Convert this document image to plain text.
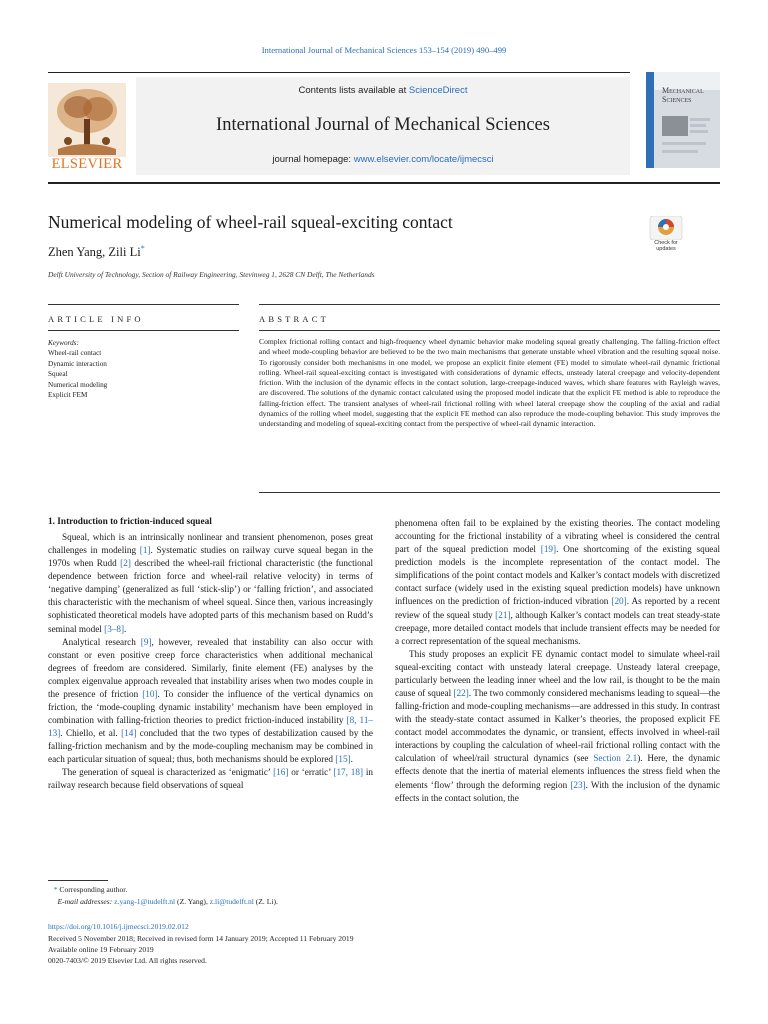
International Journal of Mechanical Sciences 153–154 (2019) 490–499
ELSEVIER
Contents lists available at ScienceDirect
International Journal of Mechanical Sciences
journal homepage: www.elsevier.com/locate/ijmecsci
Mechanical
Sciences
Numerical modeling of wheel-rail squeal-exciting contact
Zhen Yang, Zili Li*
Delft University of Technology, Section of Railway Engineering, Stevinweg 1, 2628 CN Delft, The Netherlands
Check for
updates
ARTICLE INFO	ABSTRACT
Keywords:
Wheel-rail contact
Dynamic interaction
Squeal
Numerical modeling
Explicit FEM
Complex frictional rolling contact and high-frequency wheel dynamic behavior make modeling squeal greatly challenging. The falling-friction effect and wheel mode-coupling behavior are believed to be the two main mechanisms that generate unstable wheel vibration and the resulting squeal noise. To rigorously consider both mechanisms in one model, we propose an explicit finite element (FE) model to simulate wheel-rail dynamic frictional rolling. Wheel-rail squeal-exciting contact is investigated with considerations of dynamic effects, unsteady lateral creepage and velocity-dependent friction. With the inclusion of the dynamic effects in the contact solution, large-creepage-induced waves, which share features with Rayleigh waves, are discovered. The solutions of the dynamic contact calculated using the proposed model indicate that the explicit FE method is able to reproduce the falling-friction effect. The transient analyses of wheel-rail frictional rolling with wheel lateral creepage show the coupling of the axial and radial dynamics of the rolling wheel model, suggesting that the explicit FE method can also reproduce the mode-coupling behavior. This study improves the understanding and modeling of squeal-exciting contact from the perspective of wheel-rail dynamic interaction.
1. Introduction to friction-induced squeal

Squeal, which is an intrinsically nonlinear and transient phenomenon, poses great challenges in modeling [1]. Systematic studies on railway curve squeal began in the 1970s when Rudd [2] described the wheel-rail frictional characteristic (the functional dependence between friction force and wheel-rail relative velocity) in terms of ‘negative damping’ (generalized as full ‘stick-slip’) or ‘falling friction’, and associated this characteristic with the mechanism of wheel squeal. Since then, various increasingly sophisticated theoretical models have adopted parts of this mechanism based on Rudd’s seminal model [3–8].

Analytical research [9], however, revealed that instability can also occur with constant or even positive creep force characteristics when additional mechanical degrees of freedom are considered. Similarly, finite element (FE) analyses by the complex eigenvalue approach revealed that instability arises when two modes couple in the presence of friction [10]. To consider the influence of the vertical dynamics on friction, the ‘mode-coupling dynamic instability’ mechanism have been employed in combination with falling-friction theories to predict friction-induced instability [8, 11–13]. Chiello, et al. [14] concluded that the two types of destabilization caused by the falling-friction mechanism and by the mode-coupling mechanism may be combined in each particular situation of squeal; thus, both mechanisms should be explored [15].

The generation of squeal is characterized as ‘enigmatic’ [16] or ‘erratic’ [17, 18] in railway research because field observations of squeal

phenomena often fail to be explained by the existing theories. The contact modeling accounting for the frictional instability of a vibrating wheel is considered the central part of the squeal prediction model [19]. One shortcoming of the existing squeal prediction models is the incomplete representation of the contact model. The simplifications of the point contact models and Kalker’s contact models with discretized contact surface (widely used in the existing squeal prediction models) have unknown influences on the prediction of friction-induced vibration [20]. As reported by a recent review of the squeal study [21], although Kalker’s contact models can treat steady-state creepage, more detailed contact models that include transient effects may be needed for a correct representation of the squeal mechanisms.

This study proposes an explicit FE dynamic contact model to simulate wheel-rail squeal-exciting contact with unsteady lateral creepage. Unsteady lateral creepage, particularly between the leading inner wheel and the low rail, is thought to be the main cause of squeal [22]. The two commonly considered mechanisms leading to squeal—the falling-friction and mode-coupling mechanisms—are addressed in this study. In contrast with the steady-state contact assumed in Kalker’s theories, the proposed explicit FE contact model accommodates the dynamic, or transient, effects involved in wheel-rail interactions by coupling the calculation of wheel-rail frictional rolling contact with the calculation of wheel/rail structural dynamics (see Section 2.1). Here, the dynamic effects denote that the inertia of material elements influences the stress field when the elements ‘flow’ through the deforming region [23]. With the inclusion of the dynamic effects in the contact solution, the

* Corresponding author.
E-mail addresses: z.yang-1@tudelft.nl (Z. Yang), z.li@tudelft.nl (Z. Li).
https://doi.org/10.1016/j.ijmecsci.2019.02.012
Received 5 November 2018; Received in revised form 14 January 2019; Accepted 11 February 2019
Available online 19 February 2019
0020-7403/© 2019 Elsevier Ltd. All rights reserved.
